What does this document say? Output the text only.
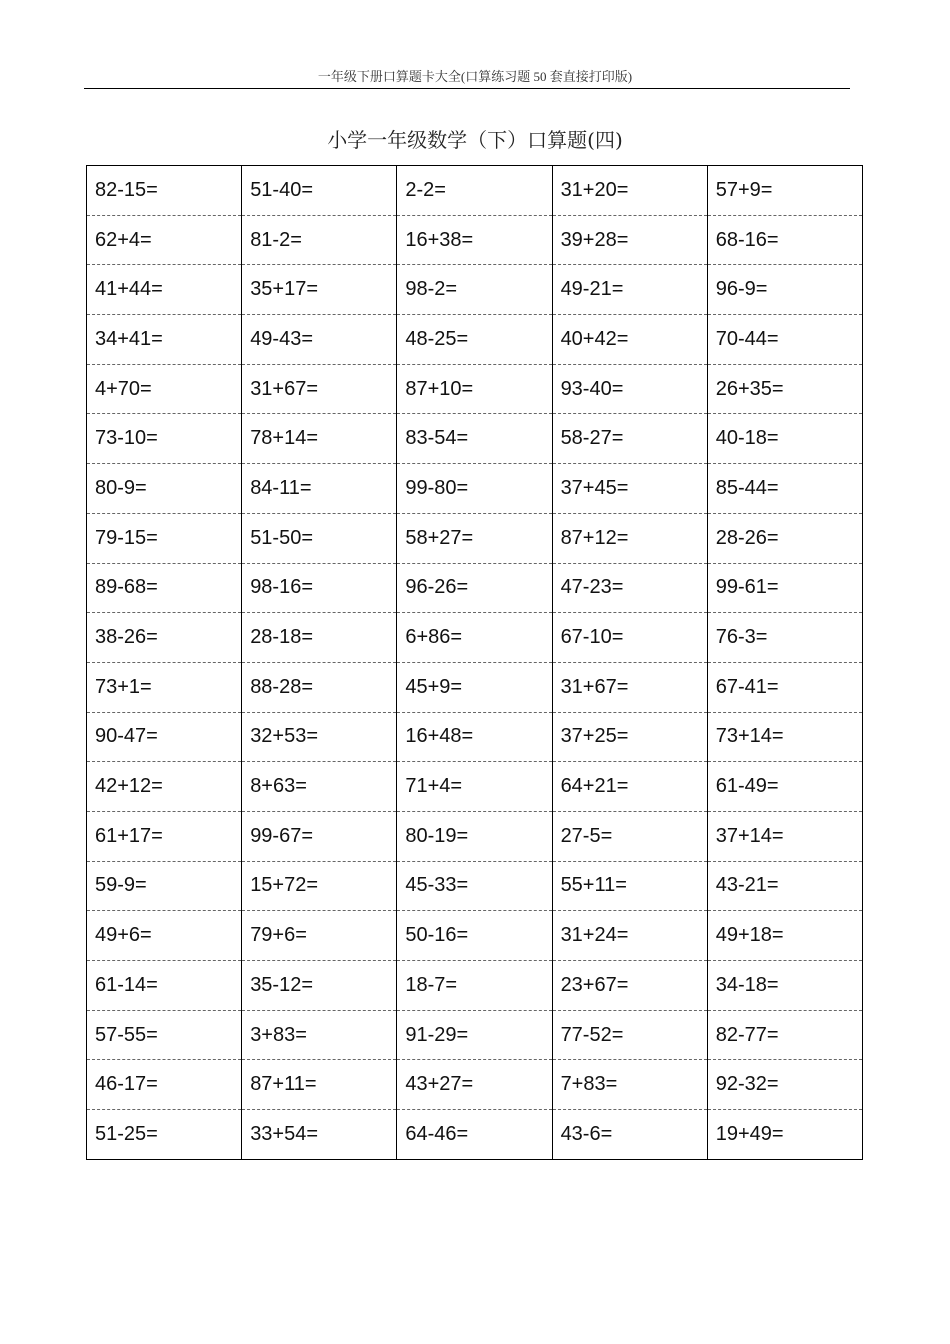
一年级下册口算题卡大全(口算练习题 50 套直接打印版)
小学一年级数学（下）口算题(四)
82-15=	51-40=	2-2=	31+20=	57+9=
62+4=	81-2=	16+38=	39+28=	68-16=
41+44=	35+17=	98-2=	49-21=	96-9=
34+41=	49-43=	48-25=	40+42=	70-44=
4+70=	31+67=	87+10=	93-40=	26+35=
73-10=	78+14=	83-54=	58-27=	40-18=
80-9=	84-11=	99-80=	37+45=	85-44=
79-15=	51-50=	58+27=	87+12=	28-26=
89-68=	98-16=	96-26=	47-23=	99-61=
38-26=	28-18=	6+86=	67-10=	76-3=
73+1=	88-28=	45+9=	31+67=	67-41=
90-47=	32+53=	16+48=	37+25=	73+14=
42+12=	8+63=	71+4=	64+21=	61-49=
61+17=	99-67=	80-19=	27-5=	37+14=
59-9=	15+72=	45-33=	55+11=	43-21=
49+6=	79+6=	50-16=	31+24=	49+18=
61-14=	35-12=	18-7=	23+67=	34-18=
57-55=	3+83=	91-29=	77-52=	82-77=
46-17=	87+11=	43+27=	7+83=	92-32=
51-25=	33+54=	64-46=	43-6=	19+49=
